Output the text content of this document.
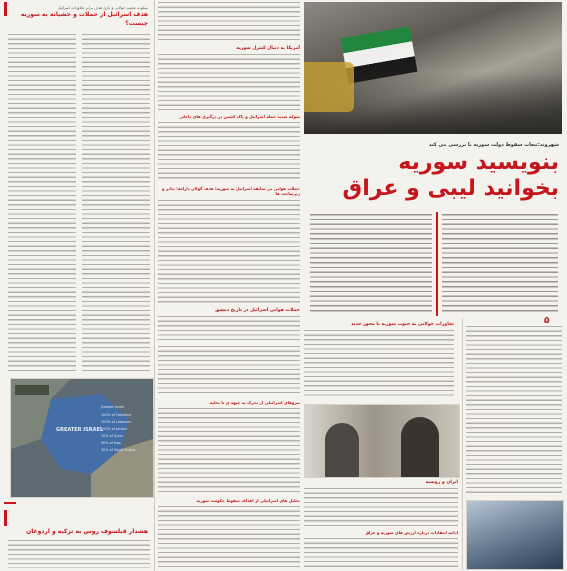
سکوت عجیب جولانی و بازی هدف برابر تجاوزات اسرائیل
هدف اسرائیل از حملات و حشیانه به سوریه
چیست؟
GREATER ISRAEL
Greater Israel
100% of Palestine
100% of Lebanon
100% of Jordan
70% of Syria
50% of Iraq
30% of Saudi Arabia
هشدار فیلسوف روس به ترکیه و اردوغان
آمریکا به دنبال کنترل سوریه
شوکه شدید حمله اسرائیل و پاک کشتن در درگیری های داخلی
حملات هوایی بی سابقه اسرائیل به سوریه؛ هدف گولان دارلعه؛ بنادر و زیرساخت ها
حملات هوایی اسرائیل در تاریخ دمشق
شهروند:تبعات سقوط دولت سوریه با بررسی می کند
بنویسید سوریه
بخوانید لیبی و عراق
تجاوزات جولانی به جنوب سوریه با محور جدید
نیروهای اسرائیلی از تحرک به جبهه ی با تخلیه
ایران و روسیه
تحلیل های اسرائیلی از اهداف سقوط حکومت سوریه
ادامه انتقادات درباره ارزش های سوریه و عراق
۵
